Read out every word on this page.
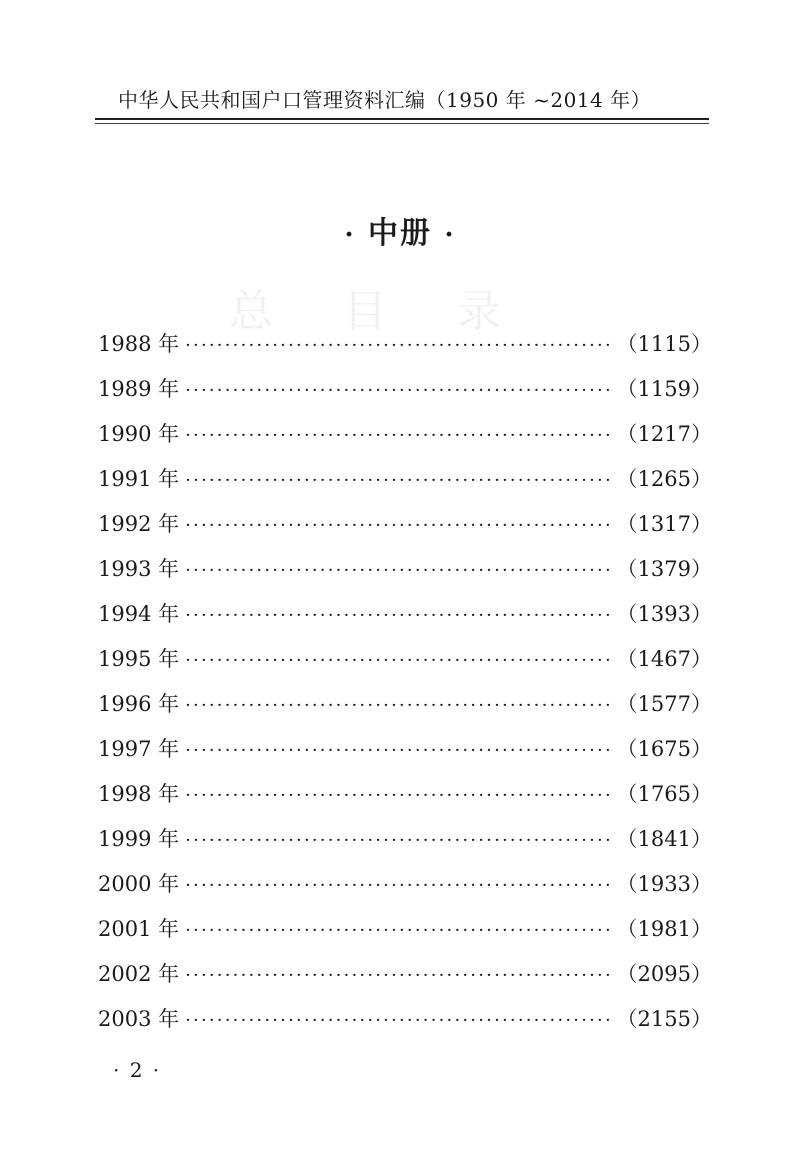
中华人民共和国户口管理资料汇编（1950 年 ~2014 年）
· 中册 ·
总目录
1988 年 ·····	（1115）
1989 年 ·····	（1159）
1990 年 ·····	（1217）
1991 年 ·····	（1265）
1992 年 ·····	（1317）
1993 年 ·····	（1379）
1994 年 ·····	（1393）
1995 年 ·····	（1467）
1996 年 ·····	（1577）
1997 年 ·····	（1675）
1998 年 ·····	（1765）
1999 年 ·····	（1841）
2000 年 ·····	（1933）
2001 年 ·····	（1981）
2002 年 ·····	（2095）
2003 年 ·····	（2155）
· 2 ·
